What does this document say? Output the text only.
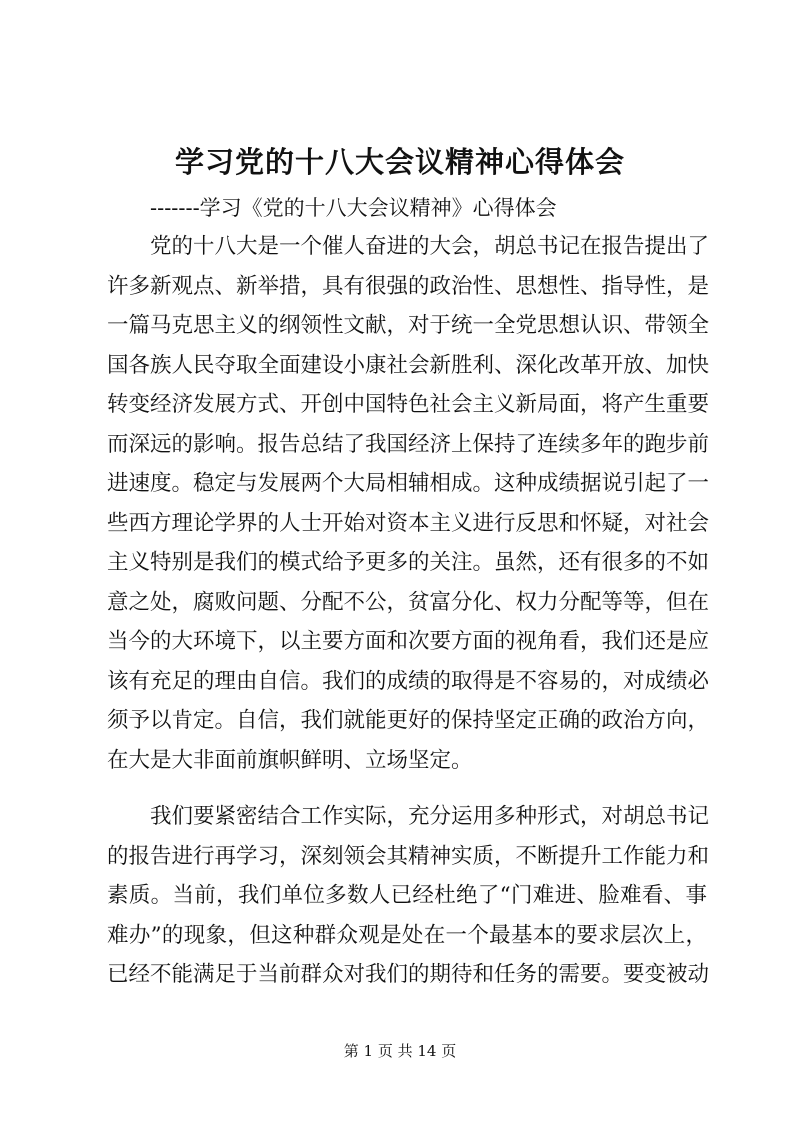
学习党的十八大会议精神心得体会
-------学习《党的十八大会议精神》心得体会
党的十八大是一个催人奋进的大会，胡总书记在报告提出了
许多新观点、新举措，具有很强的政治性、思想性、指导性，是
一篇马克思主义的纲领性文献，对于统一全党思想认识、带领全
国各族人民夺取全面建设小康社会新胜利、深化改革开放、加快
转变经济发展方式、开创中国特色社会主义新局面，将产生重要
而深远的影响。报告总结了我国经济上保持了连续多年的跑步前
进速度。稳定与发展两个大局相辅相成。这种成绩据说引起了一
些西方理论学界的人士开始对资本主义进行反思和怀疑，对社会
主义特别是我们的模式给予更多的关注。虽然，还有很多的不如
意之处，腐败问题、分配不公，贫富分化、权力分配等等，但在
当今的大环境下，以主要方面和次要方面的视角看，我们还是应
该有充足的理由自信。我们的成绩的取得是不容易的，对成绩必
须予以肯定。自信，我们就能更好的保持坚定正确的政治方向，
在大是大非面前旗帜鲜明、立场坚定。
我们要紧密结合工作实际，充分运用多种形式，对胡总书记
的报告进行再学习，深刻领会其精神实质，不断提升工作能力和
素质。当前，我们单位多数人已经杜绝了“门难进、脸难看、事
难办”的现象，但这种群众观是处在一个最基本的要求层次上，
已经不能满足于当前群众对我们的期待和任务的需要。要变被动
第 1 页 共 14 页
